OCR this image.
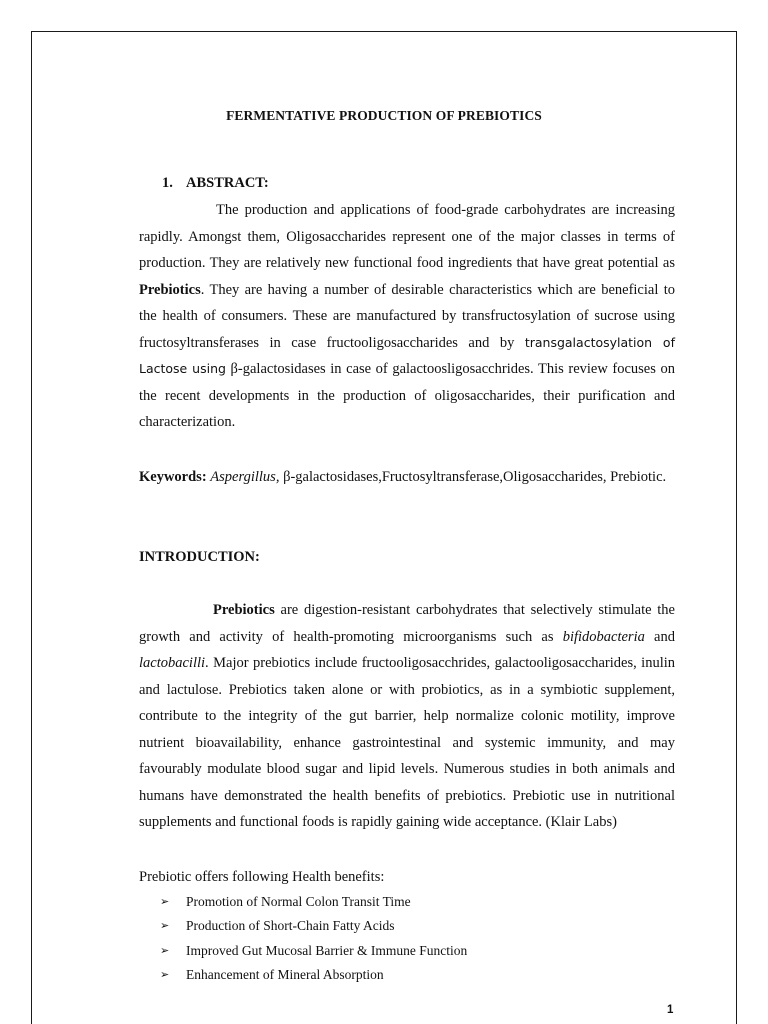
FERMENTATIVE PRODUCTION OF PREBIOTICS
1. ABSTRACT:

The production and applications of food-grade carbohydrates are increasing rapidly. Amongst them, Oligosaccharides represent one of the major classes in terms of production. They are relatively new functional food ingredients that have great potential as Prebiotics. They are having a number of desirable characteristics which are beneficial to the health of consumers. These are manufactured by transfructosylation of sucrose using fructosyltransferases in case fructooligosaccharides and by transgalactosylation of Lactose using β-galactosidases in case of galactoosligosacchrides. This review focuses on the recent developments in the production of oligosaccharides, their purification and characterization.

Keywords: Aspergillus, β-galactosidases,Fructosyltransferase,Oligosaccharides, Prebiotic.

INTRODUCTION:

Prebiotics are digestion-resistant carbohydrates that selectively stimulate the growth and activity of health-promoting microorganisms such as bifidobacteria and lactobacilli. Major prebiotics include fructooligosacchrides, galactooligosaccharides, inulin and lactulose. Prebiotics taken alone or with probiotics, as in a symbiotic supplement, contribute to the integrity of the gut barrier, help normalize colonic motility, improve nutrient bioavailability, enhance gastrointestinal and systemic immunity, and may favourably modulate blood sugar and lipid levels. Numerous studies in both animals and humans have demonstrated the health benefits of prebiotics. Prebiotic use in nutritional supplements and functional foods is rapidly gaining wide acceptance. (Klair Labs)

Prebiotic offers following Health benefits:

➢	Promotion of Normal Colon Transit Time
➢	Production of Short-Chain Fatty Acids
➢	Improved Gut Mucosal Barrier & Immune Function
➢	Enhancement of Mineral Absorption
1
